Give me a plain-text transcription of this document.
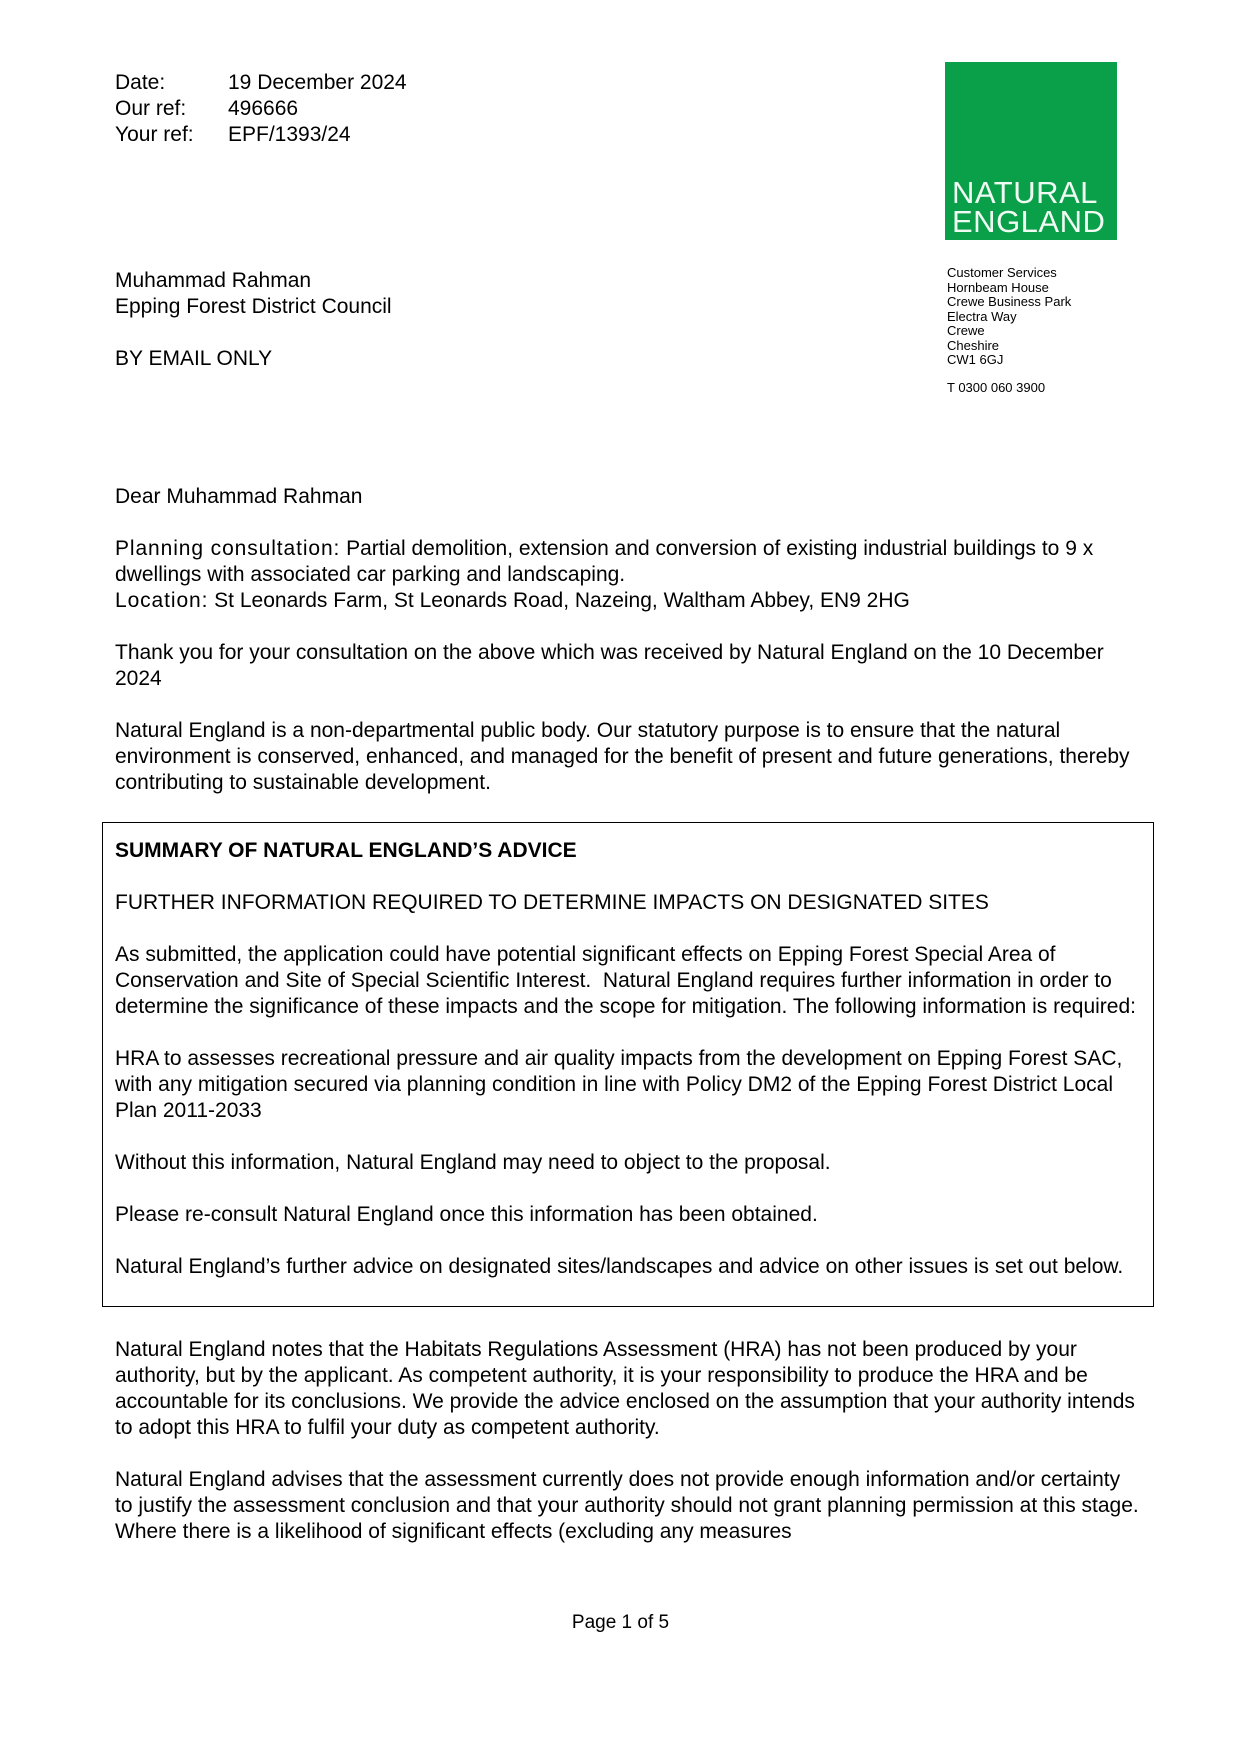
Date:	19 December 2024
Our ref:	496666
Your ref:	EPF/1393/24
NATURAL
ENGLAND
Customer Services
Hornbeam House
Crewe Business Park
Electra Way
Crewe
Cheshire
CW1 6GJ
T 0300 060 3900
Muhammad Rahman
Epping Forest District Council
BY EMAIL ONLY

Dear Muhammad Rahman

Planning consultation: Partial demolition, extension and conversion of existing industrial buildings to 9 x dwellings with associated car parking and landscaping.
Location: St Leonards Farm, St Leonards Road, Nazeing, Waltham Abbey, EN9 2HG

Thank you for your consultation on the above which was received by Natural England on the 10 December 2024

Natural England is a non-departmental public body. Our statutory purpose is to ensure that the natural environment is conserved, enhanced, and managed for the benefit of present and future generations, thereby contributing to sustainable development.

SUMMARY OF NATURAL ENGLAND’S ADVICE

FURTHER INFORMATION REQUIRED TO DETERMINE IMPACTS ON DESIGNATED SITES

As submitted, the application could have potential significant effects on Epping Forest Special Area of Conservation and Site of Special Scientific Interest.  Natural England requires further information in order to determine the significance of these impacts and the scope for mitigation. The following information is required:

HRA to assesses recreational pressure and air quality impacts from the development on Epping Forest SAC, with any mitigation secured via planning condition in line with Policy DM2 of the Epping Forest District Local Plan 2011-2033

Without this information, Natural England may need to object to the proposal.

Please re-consult Natural England once this information has been obtained.

Natural England’s further advice on designated sites/landscapes and advice on other issues is set out below.

Natural England notes that the Habitats Regulations Assessment (HRA) has not been produced by your authority, but by the applicant. As competent authority, it is your responsibility to produce the HRA and be accountable for its conclusions. We provide the advice enclosed on the assumption that your authority intends to adopt this HRA to fulfil your duty as competent authority.

Natural England advises that the assessment currently does not provide enough information and/or certainty to justify the assessment conclusion and that your authority should not grant planning permission at this stage. Where there is a likelihood of significant effects (excluding any measures

Page 1 of 5
